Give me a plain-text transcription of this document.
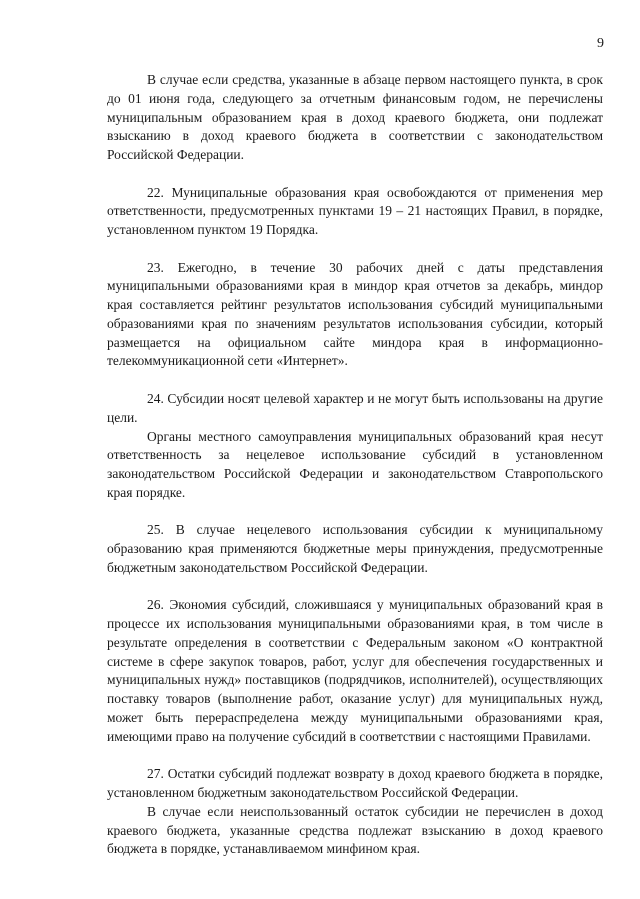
9

В случае если средства, указанные в абзаце первом настоящего пункта, в срок до 01 июня года, следующего за отчетным финансовым годом, не перечислены муниципальным образованием края в доход краевого бюджета, они подлежат взысканию в доход краевого бюджета в соответствии с законодательством Российской Федерации.

22. Муниципальные образования края освобождаются от применения мер ответственности, предусмотренных пунктами 19 – 21 настоящих Правил, в порядке, установленном пунктом 19 Порядка.

23. Ежегодно, в течение 30 рабочих дней с даты представления муниципальными образованиями края в миндор края отчетов за декабрь, миндор края составляется рейтинг результатов использования субсидий муниципальными образованиями края по значениям результатов использования субсидии, который размещается на официальном сайте миндора края в информационно-телекоммуникационной сети «Интернет».

24. Субсидии носят целевой характер и не могут быть использованы на другие цели.

Органы местного самоуправления муниципальных образований края несут ответственность за нецелевое использование субсидий в установленном законодательством Российской Федерации и законодательством Ставропольского края порядке.

25. В случае нецелевого использования субсидии к муниципальному образованию края применяются бюджетные меры принуждения, предусмотренные бюджетным законодательством Российской Федерации.

26. Экономия субсидий, сложившаяся у муниципальных образований края в процессе их использования муниципальными образованиями края, в том числе в результате определения в соответствии с Федеральным законом «О контрактной системе в сфере закупок товаров, работ, услуг для обеспечения государственных и муниципальных нужд» поставщиков (подрядчиков, исполнителей), осуществляющих поставку товаров (выполнение работ, оказание услуг) для муниципальных нужд, может быть перераспределена между муниципальными образованиями края, имеющими право на получение субсидий в соответствии с настоящими Правилами.

27. Остатки субсидий подлежат возврату в доход краевого бюджета в порядке, установленном бюджетным законодательством Российской Федерации.

В случае если неиспользованный остаток субсидии не перечислен в доход краевого бюджета, указанные средства подлежат взысканию в доход краевого бюджета в порядке, устанавливаемом минфином края.
